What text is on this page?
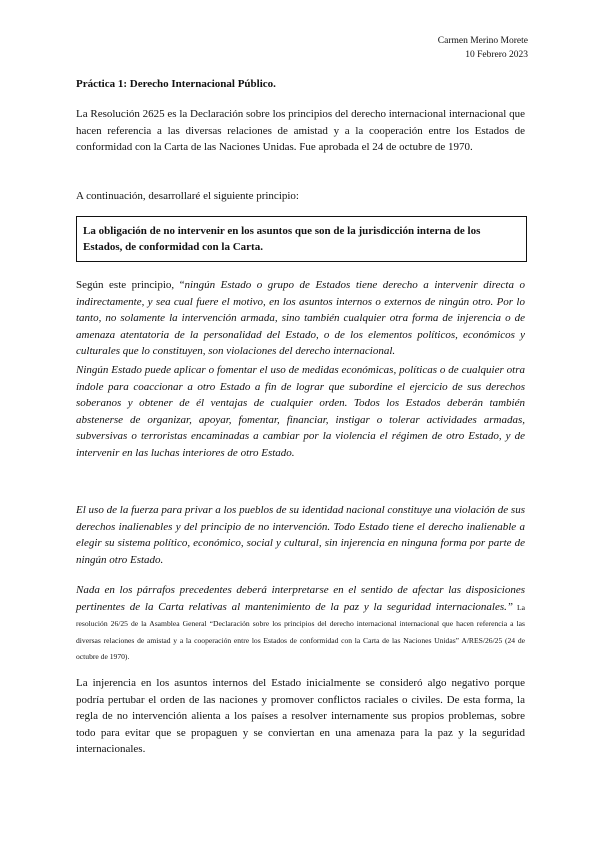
Carmen Merino Morete
10 Febrero 2023
Práctica 1: Derecho Internacional Público.

La Resolución 2625 es la Declaración sobre los principios del derecho internacional internacional que hacen referencia a las diversas relaciones de amistad y a la cooperación entre los Estados de conformidad con la Carta de las Naciones Unidas. Fue aprobada el 24 de octubre de 1970.

A continuación, desarrollaré el siguiente principio:

La obligación de no intervenir en los asuntos que son de la jurisdicción interna de los Estados, de conformidad con la Carta.

Según este principio, “ningún Estado o grupo de Estados tiene derecho a intervenir directa o indirectamente, y sea cual fuere el motivo, en los asuntos internos o externos de ningún otro. Por lo tanto, no solamente la intervención armada, sino también cualquier otra forma de injerencia o de amenaza atentatoria de la personalidad del Estado, o de los elementos políticos, económicos y culturales que lo constituyen, son violaciones del derecho internacional.

Ningún Estado puede aplicar o fomentar el uso de medidas económicas, políticas o de cualquier otra índole para coaccionar a otro Estado a fin de lograr que subordine el ejercicio de sus derechos soberanos y obtener de él ventajas de cualquier orden. Todos los Estados deberán también abstenerse de organizar, apoyar, fomentar, financiar, instigar o tolerar actividades armadas, subversivas o terroristas encaminadas a cambiar por la violencia el régimen de otro Estado, y de intervenir en las luchas interiores de otro Estado.

El uso de la fuerza para privar a los pueblos de su identidad nacional constituye una violación de sus derechos inalienables y del principio de no intervención. Todo Estado tiene el derecho inalienable a elegir su sistema político, económico, social y cultural, sin injerencia en ninguna forma por parte de ningún otro Estado.

Nada en los párrafos precedentes deberá interpretarse en el sentido de afectar las disposiciones pertinentes de la Carta relativas al mantenimiento de la paz y la seguridad internacionales.” La resolución 26/25 de la Asamblea General “Declaración sobre los principios del derecho internacional internacional que hacen referencia a las diversas relaciones de amistad y a la cooperación entre los Estados de conformidad con la Carta de las Naciones Unidas” A/RES/26/25 (24 de octubre de 1970).

La injerencia en los asuntos internos del Estado inicialmente se consideró algo negativo porque podría pertubar el orden de las naciones y promover conflictos raciales o civiles. De esta forma, la regla de no intervención alienta a los países a resolver internamente sus propios problemas, sobre todo para evitar que se propaguen y se conviertan en una amenaza para la paz y la seguridad internacionales.
